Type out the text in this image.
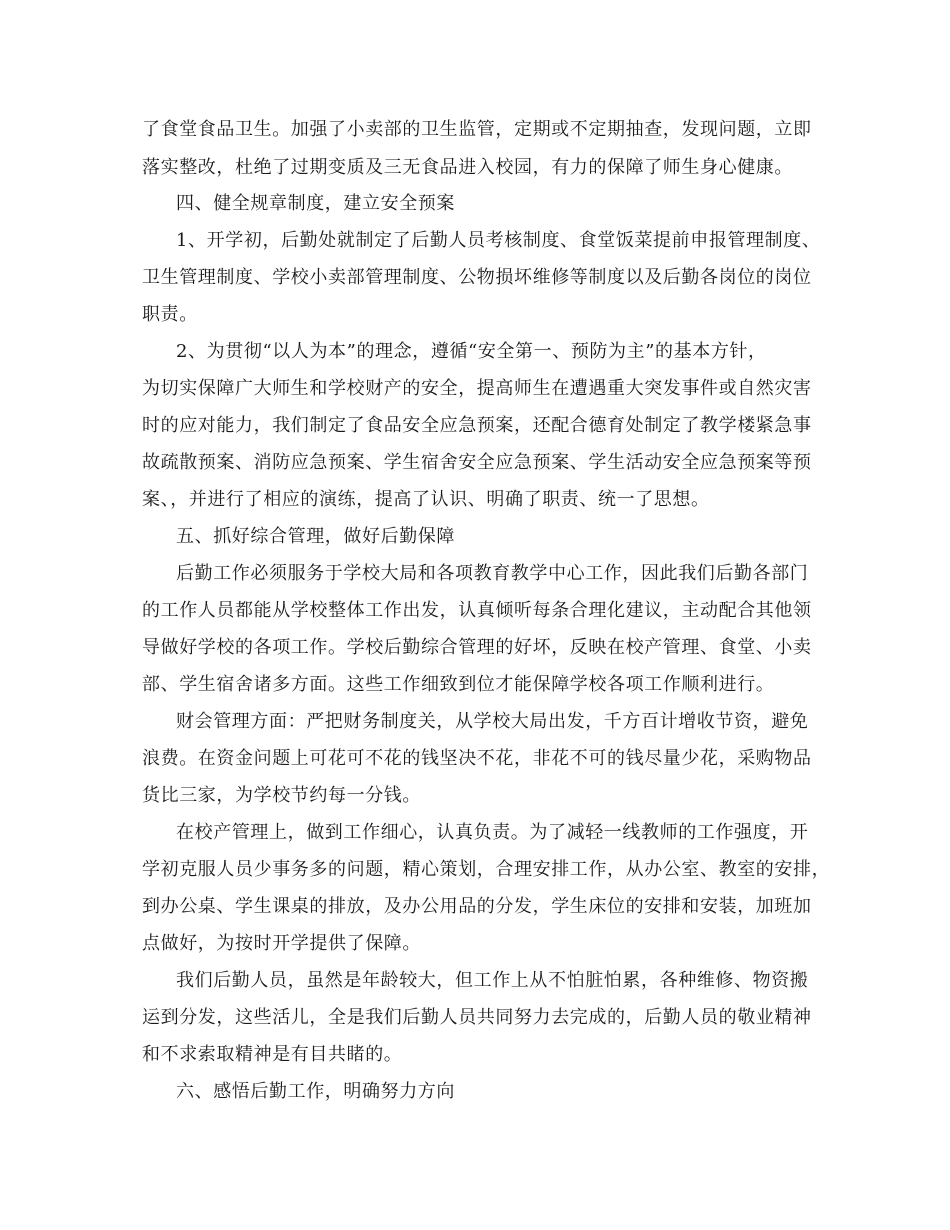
了食堂食品卫生。加强了小卖部的卫生监管，定期或不定期抽查，发现问题，立即
落实整改，杜绝了过期变质及三无食品进入校园，有力的保障了师生身心健康。
四、健全规章制度，建立安全预案
1、开学初，后勤处就制定了后勤人员考核制度、食堂饭菜提前申报管理制度、
卫生管理制度、学校小卖部管理制度、公物损坏维修等制度以及后勤各岗位的岗位
职责。
2、为贯彻“以人为本”的理念，遵循“安全第一、预防为主”的基本方针，
为切实保障广大师生和学校财产的安全，提高师生在遭遇重大突发事件或自然灾害
时的应对能力，我们制定了食品安全应急预案，还配合德育处制定了教学楼紧急事
故疏散预案、消防应急预案、学生宿舍安全应急预案、学生活动安全应急预案等预
案、，并进行了相应的演练，提高了认识、明确了职责、统一了思想。
五、抓好综合管理，做好后勤保障
后勤工作必须服务于学校大局和各项教育教学中心工作，因此我们后勤各部门
的工作人员都能从学校整体工作出发，认真倾听每条合理化建议，主动配合其他领
导做好学校的各项工作。学校后勤综合管理的好坏，反映在校产管理、食堂、小卖
部、学生宿舍诸多方面。这些工作细致到位才能保障学校各项工作顺利进行。
财会管理方面：严把财务制度关，从学校大局出发，千方百计增收节资，避免
浪费。在资金问题上可花可不花的钱坚决不花，非花不可的钱尽量少花，采购物品
货比三家，为学校节约每一分钱。
在校产管理上，做到工作细心，认真负责。为了减轻一线教师的工作强度，开
学初克服人员少事务多的问题，精心策划，合理安排工作，从办公室、教室的安排，
到办公桌、学生课桌的排放，及办公用品的分发，学生床位的安排和安装，加班加
点做好，为按时开学提供了保障。
我们后勤人员，虽然是年龄较大，但工作上从不怕脏怕累，各种维修、物资搬
运到分发，这些活儿，全是我们后勤人员共同努力去完成的，后勤人员的敬业精神
和不求索取精神是有目共睹的。
六、感悟后勤工作，明确努力方向
